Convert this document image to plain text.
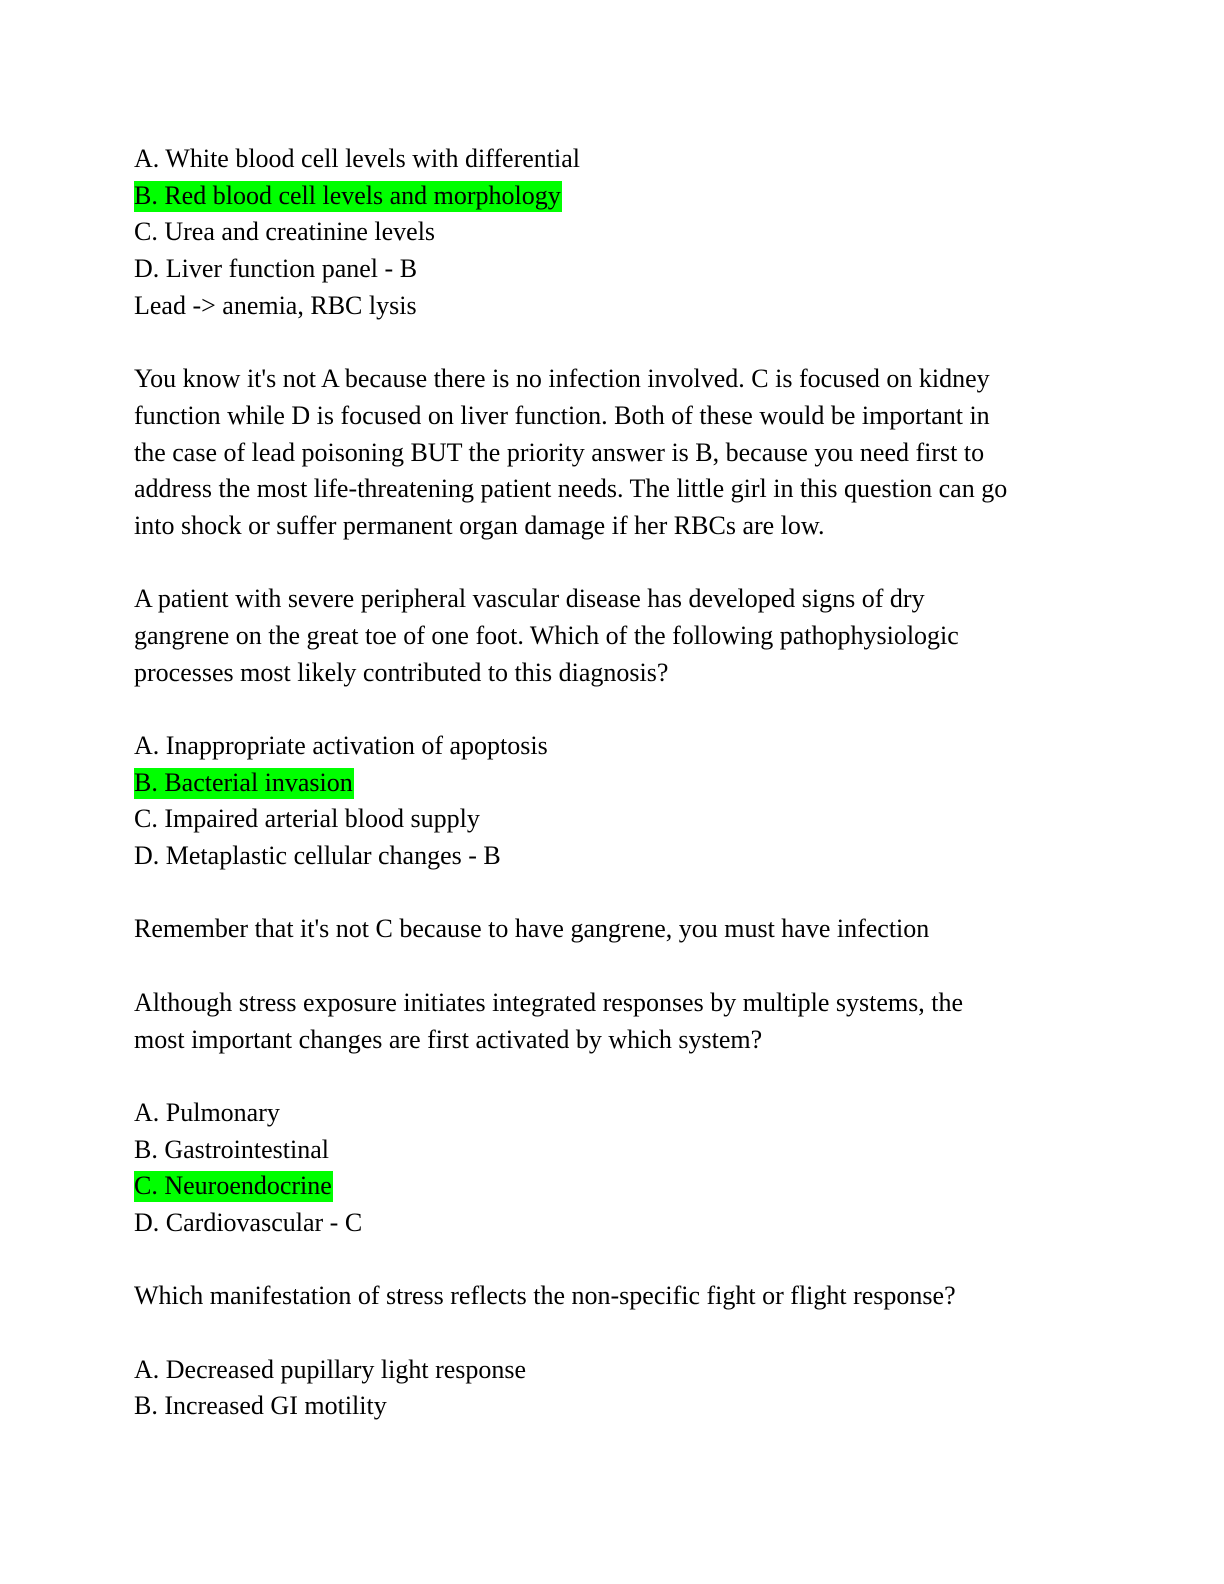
A. White blood cell levels with differential
B. Red blood cell levels and morphology
C. Urea and creatinine levels
D. Liver function panel - B
Lead -> anemia, RBC lysis
You know it's not A because there is no infection involved. C is focused on kidney
function while D is focused on liver function. Both of these would be important in
the case of lead poisoning BUT the priority answer is B, because you need first to
address the most life-threatening patient needs. The little girl in this question can go
into shock or suffer permanent organ damage if her RBCs are low.
A patient with severe peripheral vascular disease has developed signs of dry
gangrene on the great toe of one foot. Which of the following pathophysiologic
processes most likely contributed to this diagnosis?
A. Inappropriate activation of apoptosis
B. Bacterial invasion
C. Impaired arterial blood supply
D. Metaplastic cellular changes - B
Remember that it's not C because to have gangrene, you must have infection
Although stress exposure initiates integrated responses by multiple systems, the
most important changes are first activated by which system?
A. Pulmonary
B. Gastrointestinal
C. Neuroendocrine
D. Cardiovascular - C
Which manifestation of stress reflects the non-specific fight or flight response?
A. Decreased pupillary light response
B. Increased GI motility
